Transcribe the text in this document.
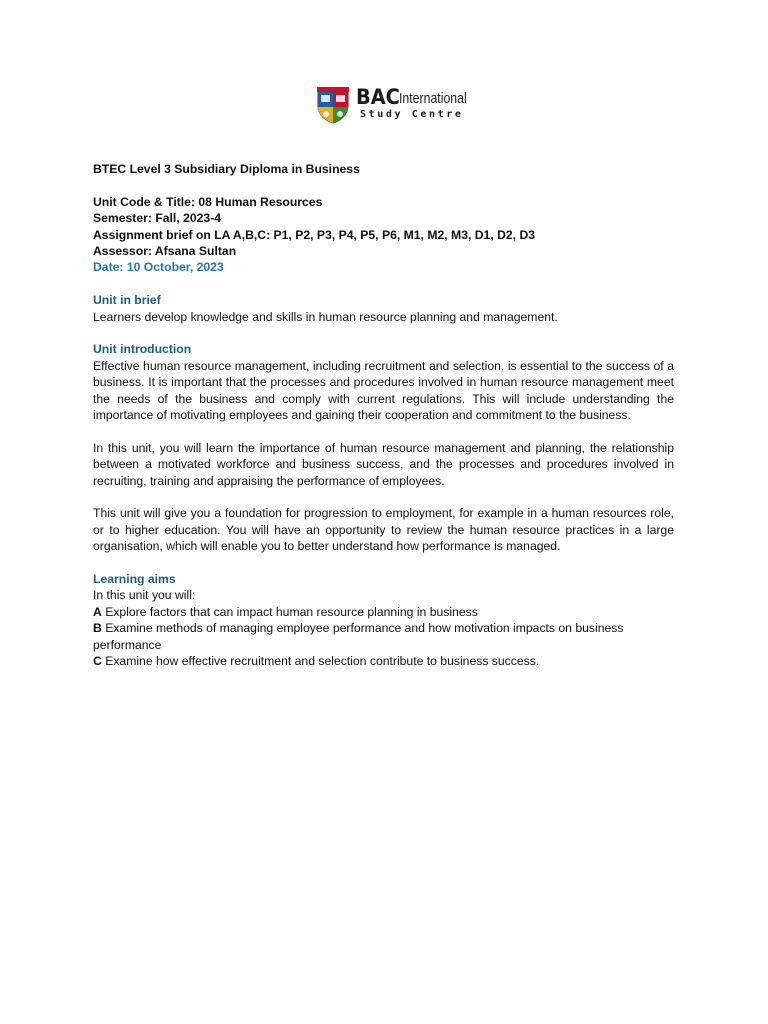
BAC International
Study Centre

BTEC Level 3 Subsidiary Diploma in Business

Unit Code & Title: 08 Human Resources

Semester: Fall, 2023-4

Assignment brief on LA A,B,C: P1, P2, P3, P4, P5, P6, M1, M2, M3, D1, D2, D3

Assessor: Afsana Sultan

Date: 10 October, 2023

Unit in brief

Learners develop knowledge and skills in human resource planning and management.

Unit introduction

Effective human resource management, including recruitment and selection, is essential to the success of a business. It is important that the processes and procedures involved in human resource management meet the needs of the business and comply with current regulations. This will include understanding the importance of motivating employees and gaining their cooperation and commitment to the business.

In this unit, you will learn the importance of human resource management and planning, the relationship between a motivated workforce and business success, and the processes and procedures involved in recruiting, training and appraising the performance of employees.

This unit will give you a foundation for progression to employment, for example in a human resources role, or to higher education. You will have an opportunity to review the human resource practices in a large organisation, which will enable you to better understand how performance is managed.

Learning aims

In this unit you will:

A Explore factors that can impact human resource planning in business

B Examine methods of managing employee performance and how motivation impacts on business performance

C Examine how effective recruitment and selection contribute to business success.
